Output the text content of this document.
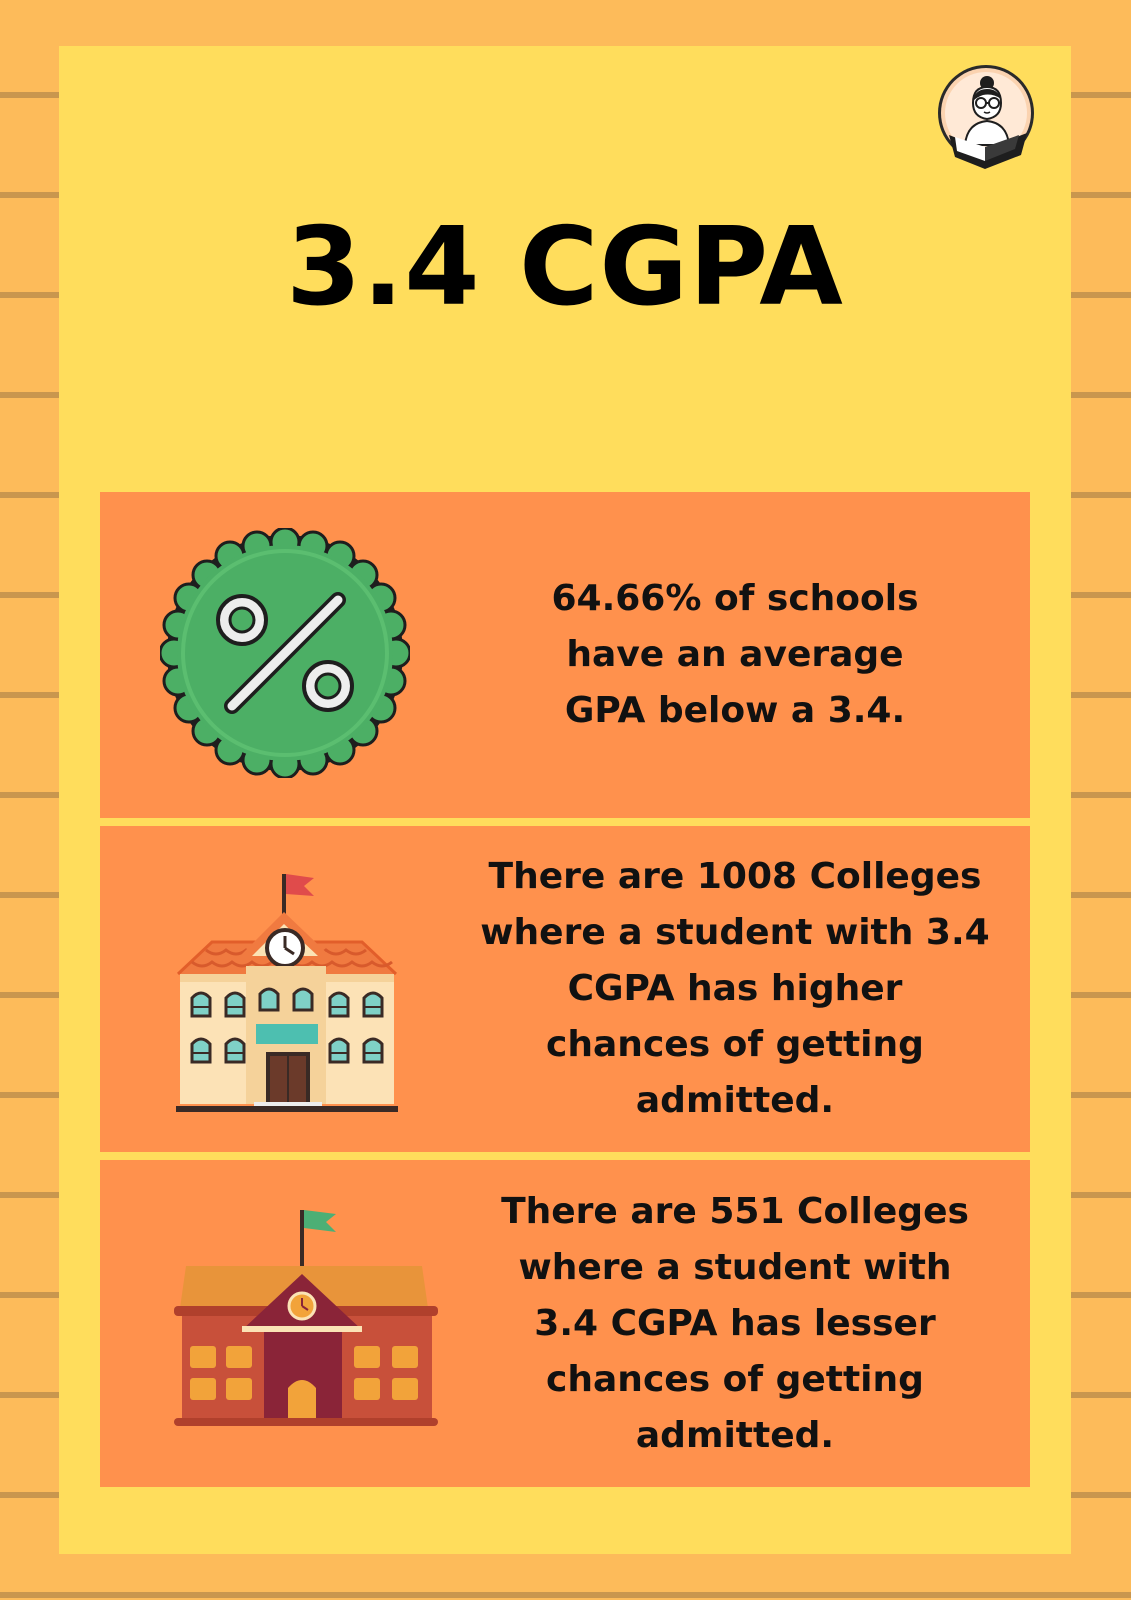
3.4 CGPA
64.66% of schools have an average GPA below a 3.4.
There are 1008 Colleges where a student with 3.4 CGPA has higher chances of getting admitted.
There are 551 Colleges where a student with 3.4 CGPA has lesser chances of getting admitted.
